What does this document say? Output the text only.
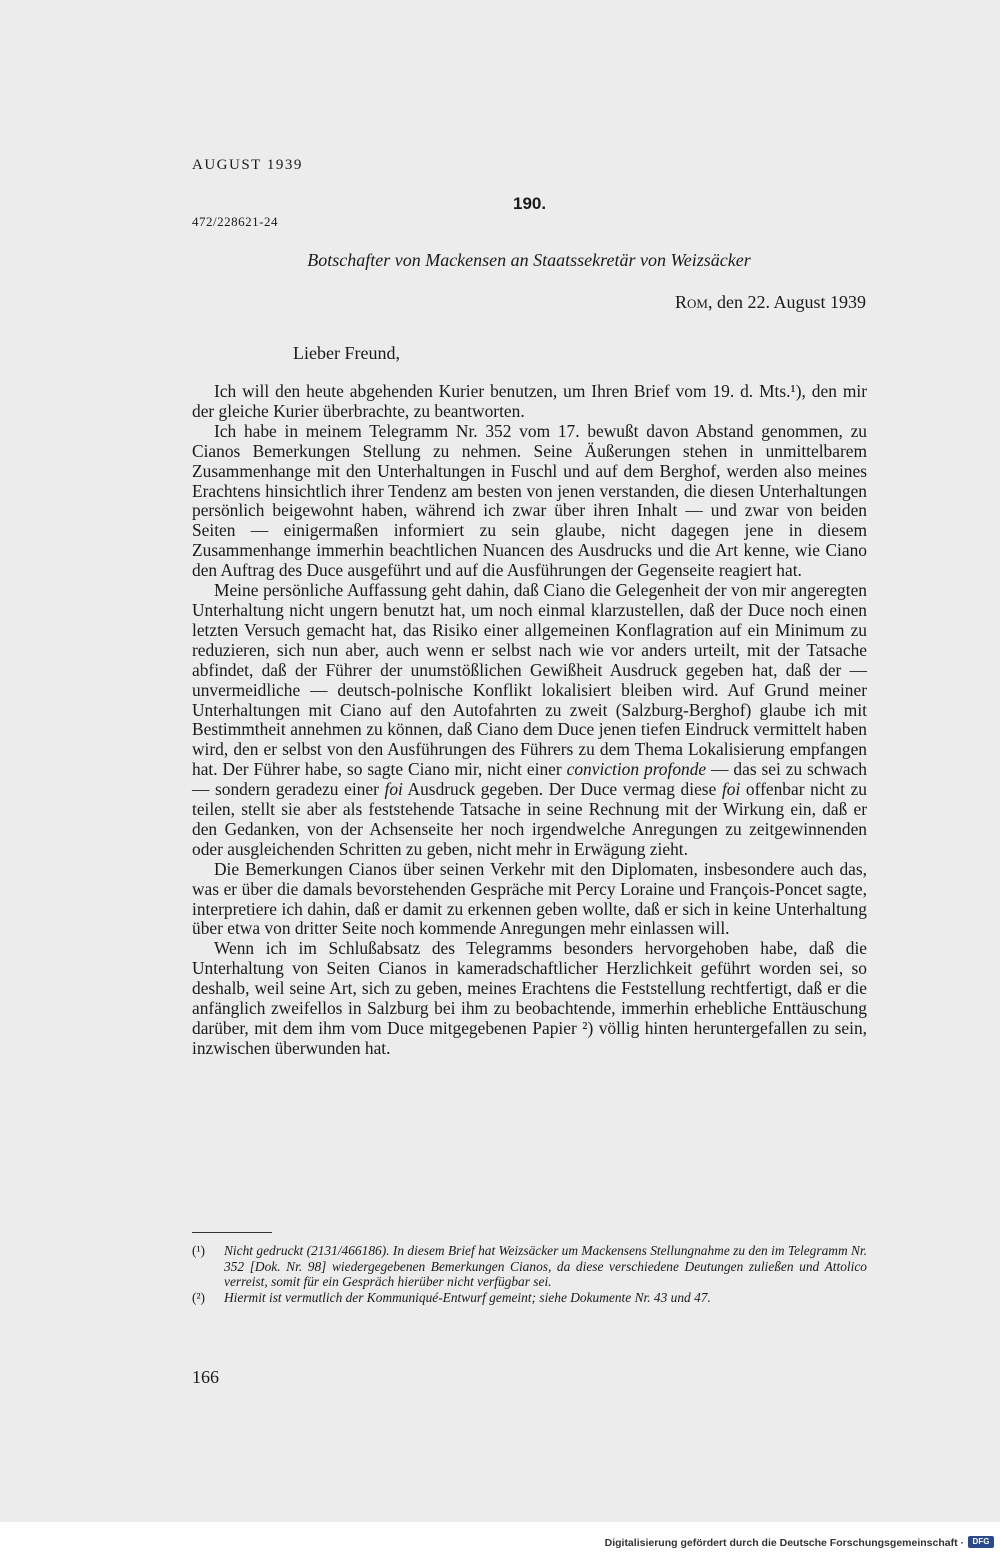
AUGUST 1939
190.
472/228621-24
Botschafter von Mackensen an Staatssekretär von Weizsäcker
Rom, den 22. August 1939
Lieber Freund,

Ich will den heute abgehenden Kurier benutzen, um Ihren Brief vom 19. d. Mts.¹), den mir der gleiche Kurier überbrachte, zu beantworten.

Ich habe in meinem Telegramm Nr. 352 vom 17. bewußt davon Abstand genommen, zu Cianos Bemerkungen Stellung zu nehmen. Seine Äußerungen stehen in unmittelbarem Zusammenhange mit den Unterhaltungen in Fuschl und auf dem Berghof, werden also meines Erachtens hinsichtlich ihrer Tendenz am besten von jenen verstanden, die diesen Unterhaltungen persönlich beigewohnt haben, während ich zwar über ihren Inhalt — und zwar von beiden Seiten — einigermaßen informiert zu sein glaube, nicht dagegen jene in diesem Zusammenhange immerhin beachtlichen Nuancen des Ausdrucks und die Art kenne, wie Ciano den Auftrag des Duce ausgeführt und auf die Ausführungen der Gegenseite reagiert hat.

Meine persönliche Auffassung geht dahin, daß Ciano die Gelegenheit der von mir angeregten Unterhaltung nicht ungern benutzt hat, um noch einmal klarzustellen, daß der Duce noch einen letzten Versuch gemacht hat, das Risiko einer allgemeinen Konflagration auf ein Minimum zu reduzieren, sich nun aber, auch wenn er selbst nach wie vor anders urteilt, mit der Tatsache abfindet, daß der Führer der unumstößlichen Gewißheit Ausdruck gegeben hat, daß der — unvermeidliche — deutsch-polnische Konflikt lokalisiert bleiben wird. Auf Grund meiner Unterhaltungen mit Ciano auf den Autofahrten zu zweit (Salzburg-Berghof) glaube ich mit Bestimmtheit annehmen zu können, daß Ciano dem Duce jenen tiefen Eindruck vermittelt haben wird, den er selbst von den Ausführungen des Führers zu dem Thema Lokalisierung empfangen hat. Der Führer habe, so sagte Ciano mir, nicht einer conviction profonde — das sei zu schwach — sondern geradezu einer foi Ausdruck gegeben. Der Duce vermag diese foi offenbar nicht zu teilen, stellt sie aber als feststehende Tatsache in seine Rechnung mit der Wirkung ein, daß er den Gedanken, von der Achsenseite her noch irgendwelche Anregungen zu zeitgewinnenden oder ausgleichenden Schritten zu geben, nicht mehr in Erwägung zieht.

Die Bemerkungen Cianos über seinen Verkehr mit den Diplomaten, insbesondere auch das, was er über die damals bevorstehenden Gespräche mit Percy Loraine und François-Poncet sagte, interpretiere ich dahin, daß er damit zu erkennen geben wollte, daß er sich in keine Unterhaltung über etwa von dritter Seite noch kommende Anregungen mehr einlassen will.

Wenn ich im Schlußabsatz des Telegramms besonders hervorgehoben habe, daß die Unterhaltung von Seiten Cianos in kameradschaftlicher Herzlichkeit geführt worden sei, so deshalb, weil seine Art, sich zu geben, meines Erachtens die Feststellung rechtfertigt, daß er die anfänglich zweifellos in Salzburg bei ihm zu beobachtende, immerhin erhebliche Enttäuschung darüber, mit dem ihm vom Duce mitgegebenen Papier ²) völlig hinten heruntergefallen zu sein, inzwischen überwunden hat.

(¹) Nicht gedruckt (2131/466186). In diesem Brief hat Weizsäcker um Mackensens Stellungnahme zu den im Telegramm Nr. 352 [Dok. Nr. 98] wiedergegebenen Bemerkungen Cianos, da diese verschiedene Deutungen zuließen und Attolico verreist, somit für ein Gespräch hierüber nicht verfügbar sei.

(²) Hiermit ist vermutlich der Kommuniqué-Entwurf gemeint; siehe Dokumente Nr. 43 und 47.

166
Digitalisierung gefördert durch die Deutsche Forschungsgemeinschaft ·	DFG
